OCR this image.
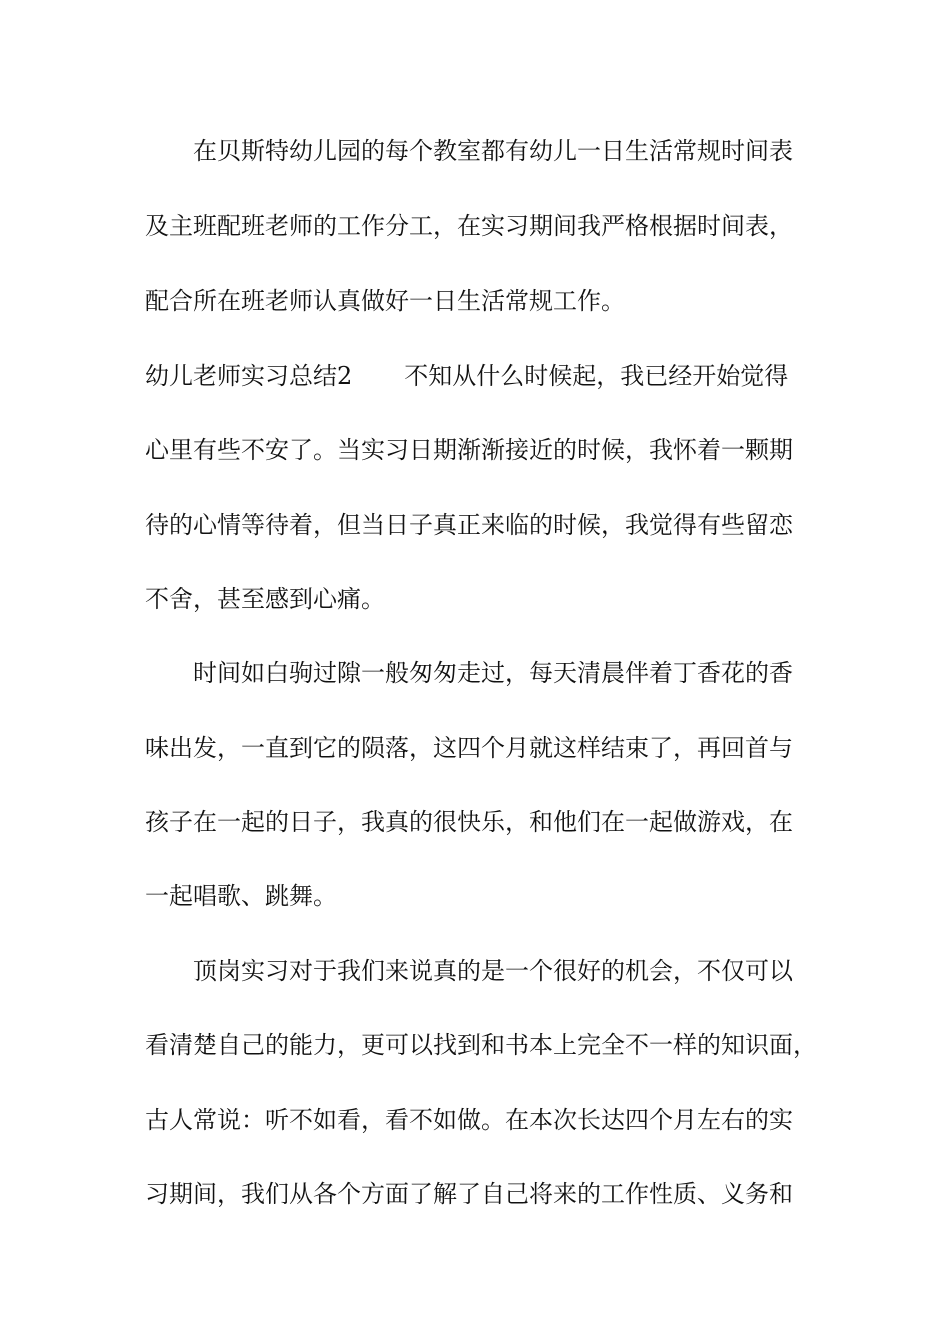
在贝斯特幼儿园的每个教室都有幼儿一日生活常规时间表
及主班配班老师的工作分工，在实习期间我严格根据时间表，
配合所在班老师认真做好一日生活常规工作。
幼儿老师实习总结2 不知从什么时候起，我已经开始觉得
心里有些不安了。当实习日期渐渐接近的时候，我怀着一颗期
待的心情等待着，但当日子真正来临的时候，我觉得有些留恋
不舍，甚至感到心痛。
时间如白驹过隙一般匆匆走过，每天清晨伴着丁香花的香
味出发，一直到它的陨落，这四个月就这样结束了，再回首与
孩子在一起的日子，我真的很快乐，和他们在一起做游戏，在
一起唱歌、跳舞。
顶岗实习对于我们来说真的是一个很好的机会，不仅可以
看清楚自己的能力，更可以找到和书本上完全不一样的知识面，
古人常说：听不如看，看不如做。在本次长达四个月左右的实
习期间，我们从各个方面了解了自己将来的工作性质、义务和
